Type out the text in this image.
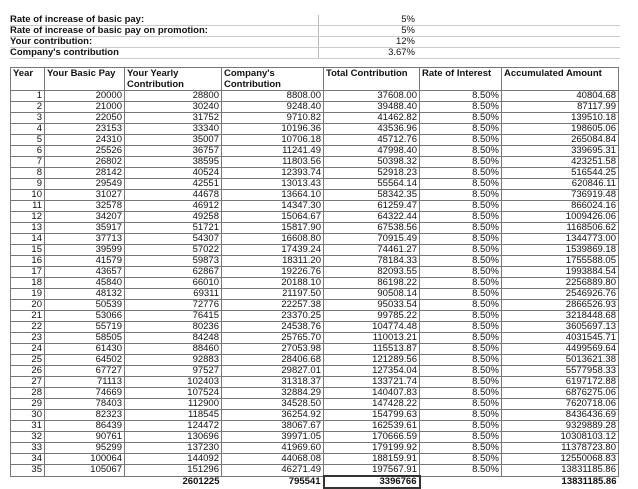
Rate of increase of basic pay:	5%
Rate of increase of basic pay on promotion:	5%
Your contribution:	12%
Company's contribution	3.67%
Year	Your Basic Pay	Your Yearly Contribution	Company's Contribution	Total Contribution	Rate of Interest	Accumulated Amount
1	20000	28800	8808.00	37608.00	8.50%	40804.68
2	21000	30240	9248.40	39488.40	8.50%	87117.99
3	22050	31752	9710.82	41462.82	8.50%	139510.18
4	23153	33340	10196.36	43536.96	8.50%	198605.06
5	24310	35007	10706.18	45712.76	8.50%	265084.84
6	25526	36757	11241.49	47998.40	8.50%	339695.31
7	26802	38595	11803.56	50398.32	8.50%	423251.58
8	28142	40524	12393.74	52918.23	8.50%	516544.25
9	29549	42551	13013.43	55564.14	8.50%	620846.11
10	31027	44678	13664.10	58342.35	8.50%	736919.48
11	32578	46912	14347.30	61259.47	8.50%	866024.16
12	34207	49258	15064.67	64322.44	8.50%	1009426.06
13	35917	51721	15817.90	67538.56	8.50%	1168506.62
14	37713	54307	16608.80	70915.49	8.50%	1344773.00
15	39599	57022	17439.24	74461.27	8.50%	1539869.18
16	41579	59873	18311.20	78184.33	8.50%	1755588.05
17	43657	62867	19226.76	82093.55	8.50%	1993884.54
18	45840	66010	20188.10	86198.22	8.50%	2256889.80
19	48132	69311	21197.50	90508.14	8.50%	2546926.76
20	50539	72776	22257.38	95033.54	8.50%	2866526.93
21	53066	76415	23370.25	99785.22	8.50%	3218448.68
22	55719	80236	24538.76	104774.48	8.50%	3605697.13
23	58505	84248	25765.70	110013.21	8.50%	4031545.71
24	61430	88460	27053.98	115513.87	8.50%	4499569.64
25	64502	92883	28406.68	121289.56	8.50%	5013621.38
26	67727	97527	29827.01	127354.04	8.50%	5577958.33
27	71113	102403	31318.37	133721.74	8.50%	6197172.88
28	74669	107524	32884.29	140407.83	8.50%	6876275.06
29	78403	112900	34528.50	147428.22	8.50%	7620718.06
30	82323	118545	36254.92	154799.63	8.50%	8436436.69
31	86439	124472	38067.67	162539.61	8.50%	9329889.28
32	90761	130696	39971.05	170666.59	8.50%	10308103.12
33	95299	137230	41969.60	179199.92	8.50%	11378723.80
34	100064	144092	44068.08	188159.91	8.50%	12550068.83
35	105067	151296	46271.49	197567.91	8.50%	13831185.86
		2601225	795541	3396766		13831185.86
